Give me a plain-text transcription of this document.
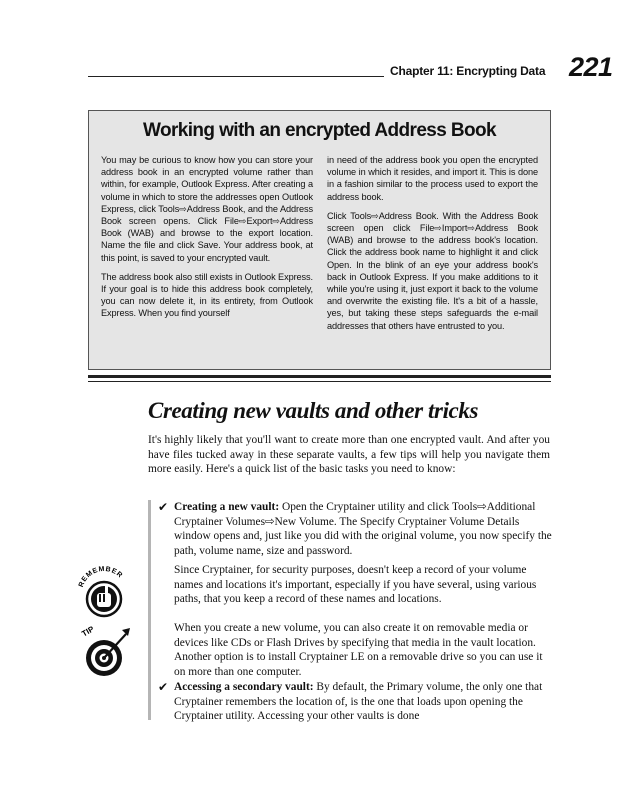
Chapter 11: Encrypting Data 221
Working with an encrypted Address Book

You may be curious to know how you can store your address book in an encrypted volume rather than within, for example, Outlook Express. After creating a volume in which to store the addresses open Outlook Express, click Tools⇨Address Book, and the Address Book screen opens. Click File⇨Export⇨Address Book (WAB) and browse to the export location. Name the file and click Save. Your address book, at this point, is saved to your encrypted vault.

The address book also still exists in Outlook Express. If your goal is to hide this address book completely, you can now delete it, in its entirety, from Outlook Express. When you find yourself

in need of the address book you open the encrypted volume in which it resides, and import it. This is done in a fashion similar to the process used to export the address book.

Click Tools⇨Address Book. With the Address Book screen open click File⇨Import⇨Address Book (WAB) and browse to the address book's location. Click the address book name to highlight it and click Open. In the blink of an eye your address book's back in Outlook Express. If you make additions to it while you're using it, just export it back to the volume and overwrite the existing file. It's a bit of a hassle, yes, but taking these steps safeguards the e-mail addresses that others have entrusted to you.

Creating new vaults and other tricks
It's highly likely that you'll want to create more than one encrypted vault. And after you have files tucked away in these separate vaults, a few tips will help you navigate them more easily. Here's a quick list of the basic tasks you need to know:
✔ Creating a new vault: Open the Cryptainer utility and click Tools⇨Additional Cryptainer Volumes⇨New Volume. The Specify Cryptainer Volume Details window opens and, just like you did with the original volume, you now specify the path, volume name, size and password.
Since Cryptainer, for security purposes, doesn't keep a record of your volume names and locations it's important, especially if you have several, using various paths, that you keep a record of these names and locations.
When you create a new volume, you can also create it on removable media or devices like CDs or Flash Drives by specifying that media in the vault location. Another option is to install Cryptainer LE on a removable drive so you can use it on more than one computer.
✔ Accessing a secondary vault: By default, the Primary volume, the only one that Cryptainer remembers the location of, is the one that loads upon opening the Cryptainer utility. Accessing your other vaults is done
REMEMBER
TIP
